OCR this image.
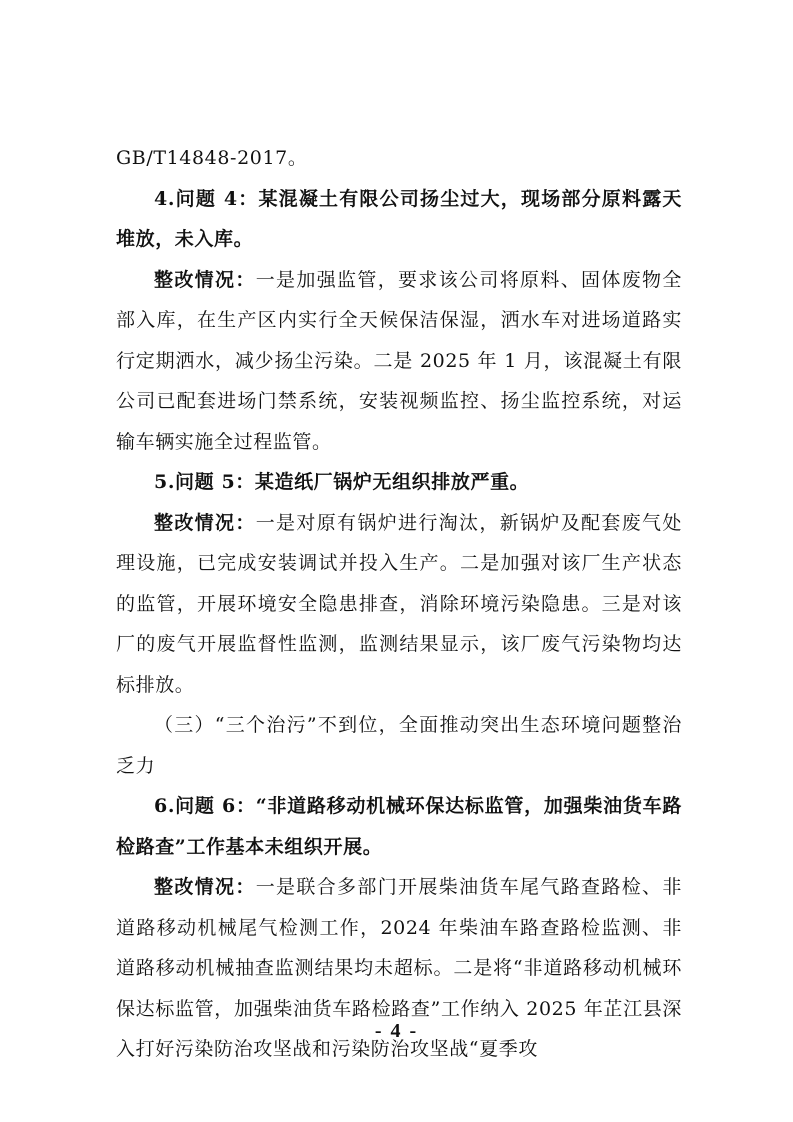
GB/T14848-2017。

4.问题 4：某混凝土有限公司扬尘过大，现场部分原料露天堆放，未入库。

整改情况：一是加强监管，要求该公司将原料、固体废物全部入库，在生产区内实行全天候保洁保湿，洒水车对进场道路实行定期洒水，减少扬尘污染。二是 2025 年 1 月，该混凝土有限公司已配套进场门禁系统，安装视频监控、扬尘监控系统，对运输车辆实施全过程监管。

5.问题 5：某造纸厂锅炉无组织排放严重。

整改情况：一是对原有锅炉进行淘汰，新锅炉及配套废气处理设施，已完成安装调试并投入生产。二是加强对该厂生产状态的监管，开展环境安全隐患排查，消除环境污染隐患。三是对该厂的废气开展监督性监测，监测结果显示，该厂废气污染物均达标排放。

（三）“三个治污”不到位，全面推动突出生态环境问题整治乏力

6.问题 6：“非道路移动机械环保达标监管，加强柴油货车路检路查”工作基本未组织开展。

整改情况：一是联合多部门开展柴油货车尾气路查路检、非道路移动机械尾气检测工作，2024 年柴油车路查路检监测、非道路移动机械抽查监测结果均未超标。二是将“非道路移动机械环保达标监管，加强柴油货车路检路查”工作纳入 2025 年芷江县深入打好污染防治攻坚战和污染防治攻坚战“夏季攻

- 4 -
